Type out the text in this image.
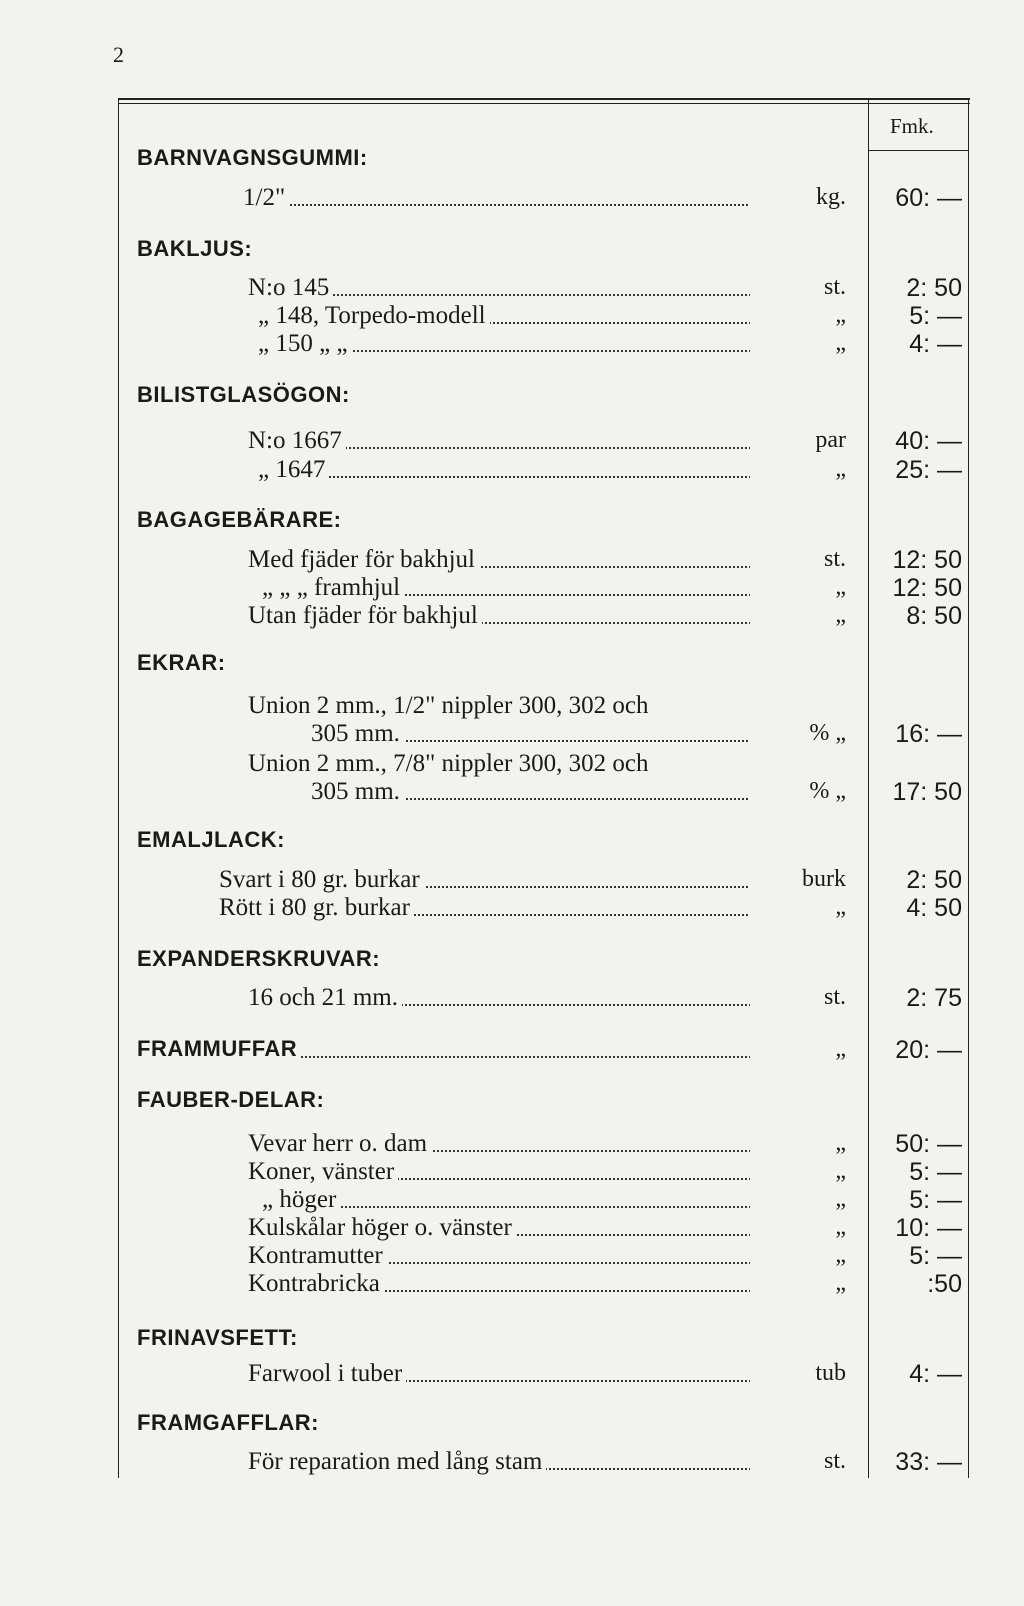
2
Fmk.
BARNVAGNSGUMMI:
1/2"	kg.	60: —
BAKLJUS:
N:o 145	st.	2: 50
„ 148, Torpedo-modell	„	5: —
„ 150 „ „	„	4: —
BILISTGLASÖGON:
N:o 1667	par	40: —
„ 1647	„	25: —
BAGAGEBÄRARE:
Med fjäder för bakhjul	st.	12: 50
„ „ „ framhjul	„	12: 50
Utan fjäder för bakhjul	„	8: 50
EKRAR:
Union 2 mm., 1/2" nippler 300, 302 och
305 mm.	% „	16: —
Union 2 mm., 7/8" nippler 300, 302 och
305 mm.	% „	17: 50
EMALJLACK:
Svart i 80 gr. burkar	burk	2: 50
Rött i 80 gr. burkar	„	4: 50
EXPANDERSKRUVAR:
16 och 21 mm.	st.	2: 75
FRAMMUFFAR	„	20: —
FAUBER-DELAR:
Vevar herr o. dam	„	50: —
Koner, vänster	„	5: —
„ höger	„	5: —
Kulskålar höger o. vänster	„	10: —
Kontramutter	„	5: —
Kontrabricka	„	:50
FRINAVSFETT:
Farwool i tuber	tub	4: —
FRAMGAFFLAR:
För reparation med lång stam	st.	33: —
